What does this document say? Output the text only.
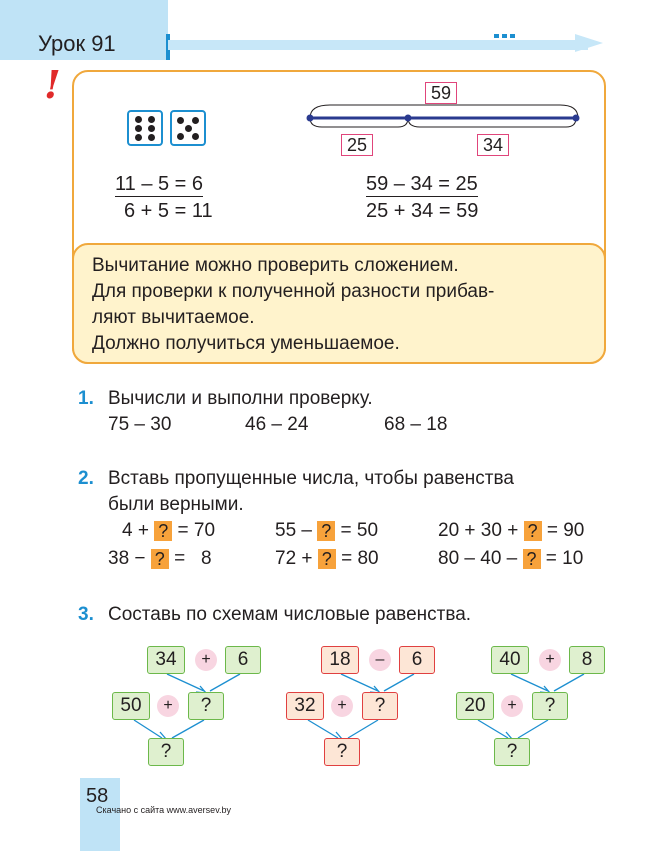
Урок 91
!
11 – 5 = 6
6 + 5 = 11
59
25	34
59 – 34 = 25
25 + 34 = 59
Вычитание можно проверить сложением.
Для проверки к полученной разности прибав-
ляют вычитаемое.
Должно получиться уменьшаемое.
1. Вычисли и выполни проверку.
75 – 30	46 – 24	68 – 18
2. Вставь пропущенные числа, чтобы равенства
были верными.
4 + ? = 70	55 – ? = 50	20 + 30 + ? = 90
38 − ? =   8	72 + ? = 80	80 – 40 – ? = 10
3. Составь по схемам числовые равенства.
34	+	6
50	+	?
?
18	–	6
32	+	?
?
40	+	8
20	+	?
?
58
Скачано с сайта www.aversev.by
